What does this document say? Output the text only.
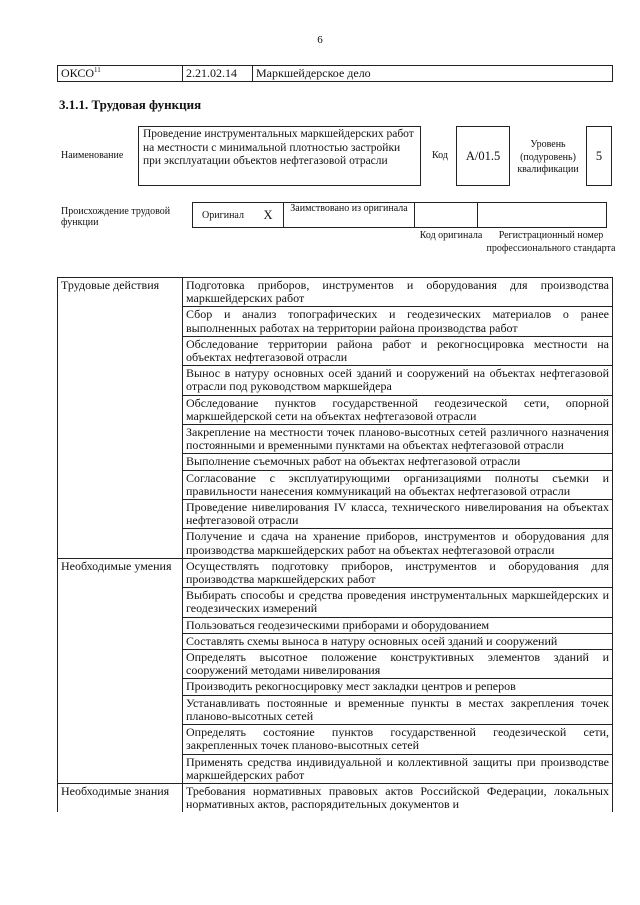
6
ОКСО$^{11}$	2.21.02.14	Маркшейдерское дело
3.1.1. Трудовая функция
Наименование
Проведение инструментальных маркшейдерских работ на местности с минимальной плотностью застройки при эксплуатации объектов нефтегазовой отрасли	Код	A/01.5
Уровень (подуровень) квалификации
5
Происхождение трудовой функции
Оригинал	X	Заимствовано из оригинала		
Код оригинала	Регистрационный номер профессионального стандарта
Трудовые действия	Подготовка приборов, инструментов и оборудования для производства маркшейдерских работ
	Сбор и анализ топографических и геодезических материалов о ранее выполненных работах на территории района производства работ
	Обследование территории района работ и рекогносцировка местности на объектах нефтегазовой отрасли
	Вынос в натуру основных осей зданий и сооружений на объектах нефтегазовой отрасли под руководством маркшейдера
	Обследование пунктов государственной геодезической сети, опорной маркшейдерской сети на объектах нефтегазовой отрасли
	Закрепление на местности точек планово-высотных сетей различного назначения постоянными и временными пунктами на объектах нефтегазовой отрасли
	Выполнение съемочных работ на объектах нефтегазовой отрасли
	Согласование с эксплуатирующими организациями полноты съемки и правильности нанесения коммуникаций на объектах нефтегазовой отрасли
	Проведение нивелирования IV класса, технического нивелирования на объектах нефтегазовой отрасли
	Получение и сдача на хранение приборов, инструментов и оборудования для производства маркшейдерских работ на объектах нефтегазовой отрасли
Необходимые умения	Осуществлять подготовку приборов, инструментов и оборудования для производства маркшейдерских работ
	Выбирать способы и средства проведения инструментальных маркшейдерских и геодезических измерений
	Пользоваться геодезическими приборами и оборудованием
	Составлять схемы выноса в натуру основных осей зданий и сооружений
	Определять высотное положение конструктивных элементов зданий и сооружений методами нивелирования
	Производить рекогносцировку мест закладки центров и реперов
	Устанавливать постоянные и временные пункты в местах закрепления точек планово-высотных сетей
	Определять состояние пунктов государственной геодезической сети, закрепленных точек планово-высотных сетей
	Применять средства индивидуальной и коллективной защиты при производстве маркшейдерских работ
Необходимые знания	Требования нормативных правовых актов Российской Федерации, локальных нормативных актов, распорядительных документов и
